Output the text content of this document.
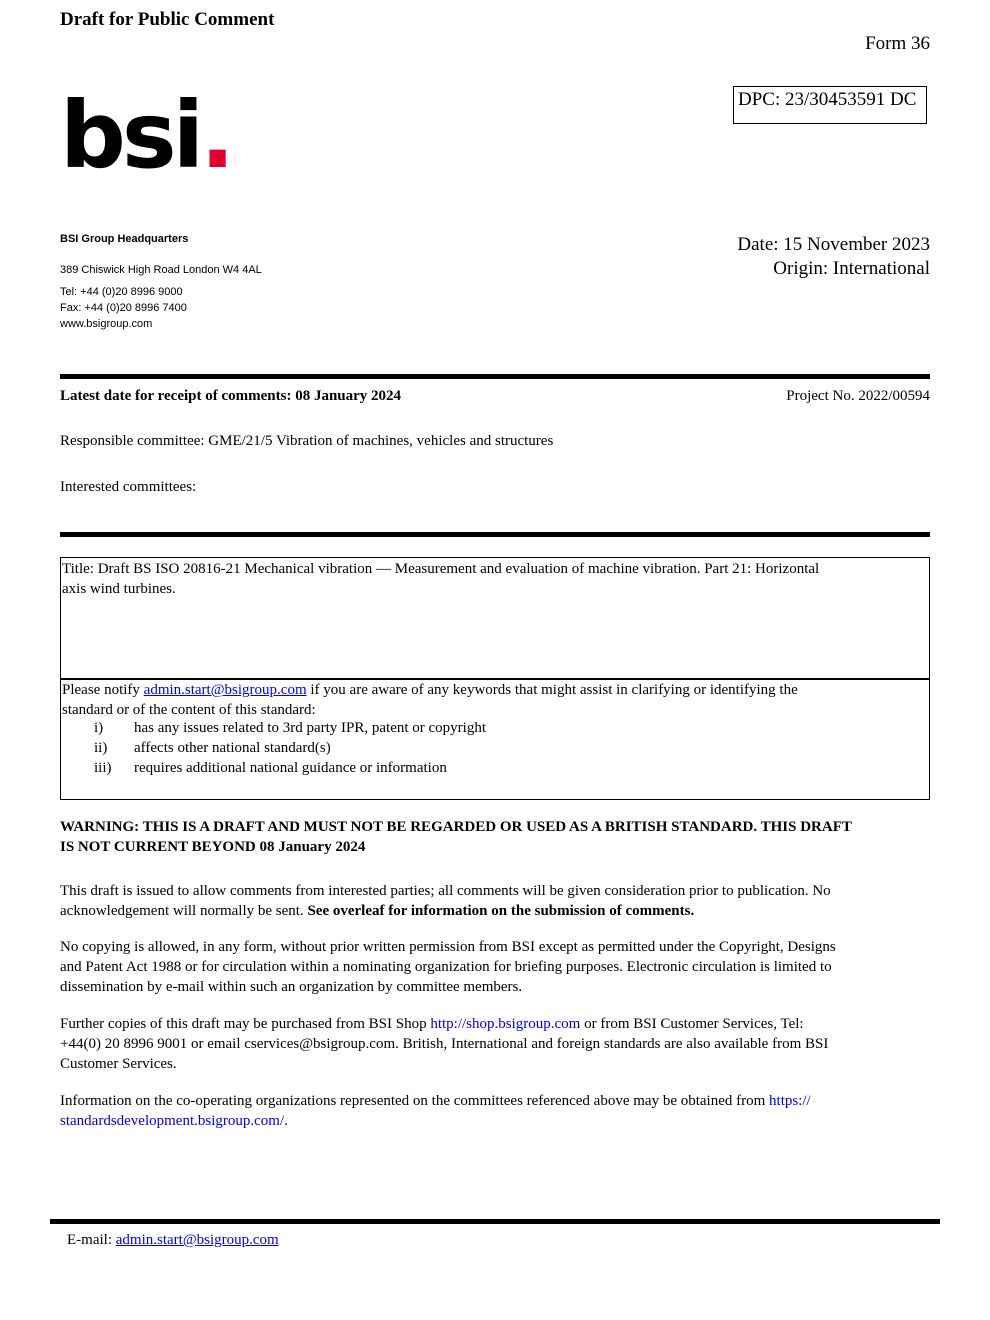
Draft for Public Comment
Form 36
DPC: 23/30453591 DC
bsi.
BSI Group Headquarters
389 Chiswick High Road London W4 4AL
Tel: +44 (0)20 8996 9000
Fax: +44 (0)20 8996 7400
www.bsigroup.com
Date: 15 November 2023
Origin: International
Latest date for receipt of comments: 08 January 2024	Project No. 2022/00594
Responsible committee: GME/21/5 Vibration of machines, vehicles and structures
Interested committees:
Title: Draft BS ISO 20816-21 Mechanical vibration — Measurement and evaluation of machine vibration. Part 21: Horizontal
axis wind turbines.
Please notify admin.start@bsigroup.com if you are aware of any keywords that might assist in clarifying or identifying the
standard or of the content of this standard:
i) has any issues related to 3rd party IPR, patent or copyright
ii) affects other national standard(s)
iii) requires additional national guidance or information
WARNING: THIS IS A DRAFT AND MUST NOT BE REGARDED OR USED AS A BRITISH STANDARD. THIS DRAFT
IS NOT CURRENT BEYOND 08 January 2024
This draft is issued to allow comments from interested parties; all comments will be given consideration prior to publication. No
acknowledgement will normally be sent. See overleaf for information on the submission of comments.
No copying is allowed, in any form, without prior written permission from BSI except as permitted under the Copyright, Designs
and Patent Act 1988 or for circulation within a nominating organization for briefing purposes. Electronic circulation is limited to
dissemination by e-mail within such an organization by committee members.
Further copies of this draft may be purchased from BSI Shop http://shop.bsigroup.com or from BSI Customer Services, Tel:
+44(0) 20 8996 9001 or email cservices@bsigroup.com. British, International and foreign standards are also available from BSI
Customer Services.
Information on the co-operating organizations represented on the committees referenced above may be obtained from https://
standardsdevelopment.bsigroup.com/.
E-mail: admin.start@bsigroup.com
